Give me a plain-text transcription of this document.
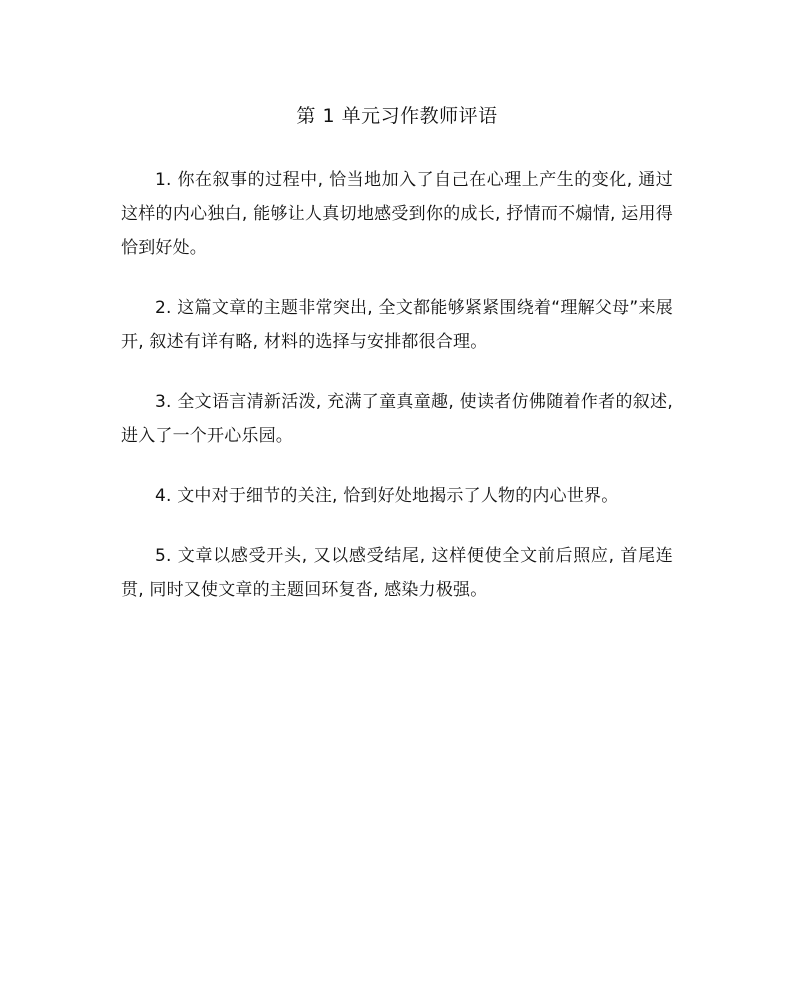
第 1 单元习作教师评语

1. 你在叙事的过程中, 恰当地加入了自己在心理上产生的变化, 通过这样的内心独白, 能够让人真切地感受到你的成长, 抒情而不煽情, 运用得恰到好处。

2. 这篇文章的主题非常突出, 全文都能够紧紧围绕着“理解父母”来展开, 叙述有详有略, 材料的选择与安排都很合理。

3. 全文语言清新活泼, 充满了童真童趣, 使读者仿佛随着作者的叙述, 进入了一个开心乐园。

4. 文中对于细节的关注, 恰到好处地揭示了人物的内心世界。

5. 文章以感受开头, 又以感受结尾, 这样便使全文前后照应, 首尾连贯, 同时又使文章的主题回环复沓, 感染力极强。
